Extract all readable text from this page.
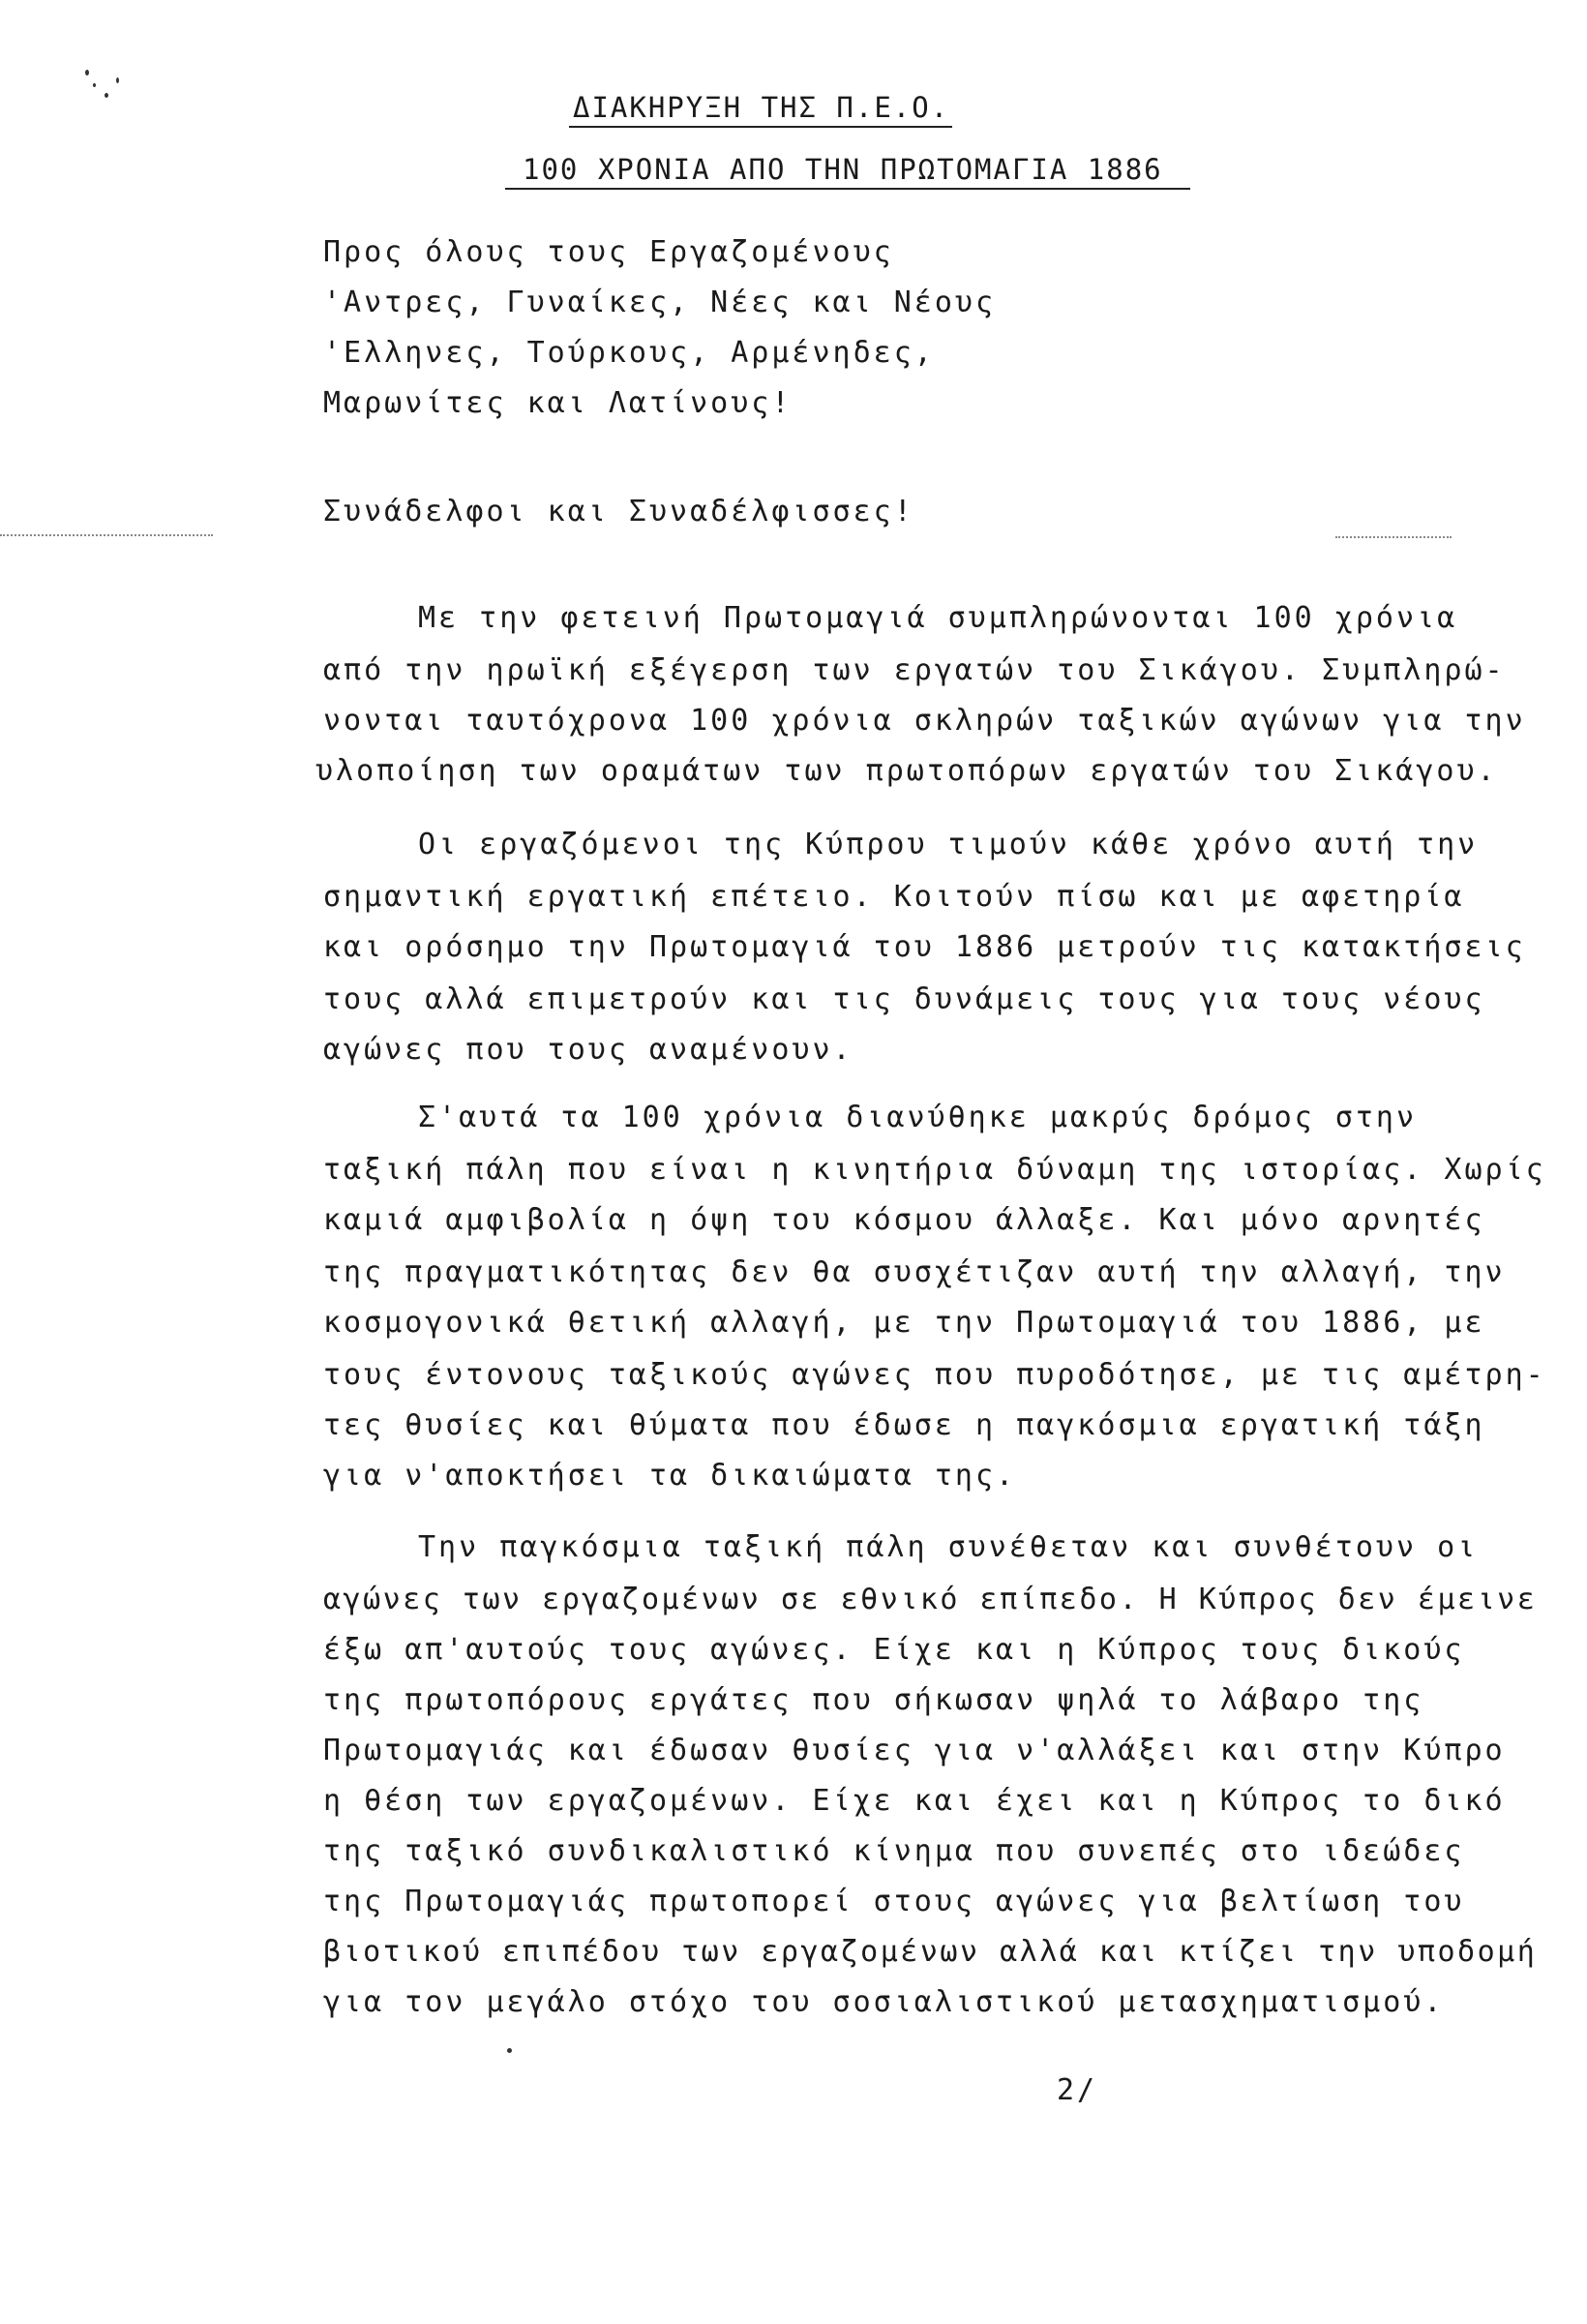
ΔΙΑΚΗΡΥΞΗ ΤΗΣ Π.Ε.Ο.
100 ΧΡΟΝΙΑ ΑΠΟ ΤΗΝ ΠΡΩΤΟΜΑΓΙΑ 1886
Προς όλους τους Εργαζομένους
'Αντρες, Γυναίκες, Νέες και Νέους
'Ελληνες, Τούρκους, Αρμένηδες,
Μαρωνίτες και Λατίνους!
Συνάδελφοι και Συναδέλφισσες!
Με την φετεινή Πρωτομαγιά συμπληρώνονται 100 χρόνια
από την ηρωϊκή εξέγερση των εργατών του Σικάγου. Συμπληρώ-
νονται ταυτόχρονα 100 χρόνια σκληρών ταξικών αγώνων για την
υλοποίηση των οραμάτων των πρωτοπόρων εργατών του Σικάγου.
Οι εργαζόμενοι της Κύπρου τιμούν κάθε χρόνο αυτή την
σημαντική εργατική επέτειο. Κοιτούν πίσω και με αφετηρία
και ορόσημο την Πρωτομαγιά του 1886 μετρούν τις κατακτήσεις
τους αλλά επιμετρούν και τις δυνάμεις τους για τους νέους
αγώνες που τους αναμένουν.
Σ'αυτά τα 100 χρόνια διανύθηκε μακρύς δρόμος στην
ταξική πάλη που είναι η κινητήρια δύναμη της ιστορίας. Χωρίς
καμιά αμφιβολία η όψη του κόσμου άλλαξε. Και μόνο αρνητές
της πραγματικότητας δεν θα συσχέτιζαν αυτή την αλλαγή, την
κοσμογονικά θετική αλλαγή, με την Πρωτομαγιά του 1886, με
τους έντονους ταξικούς αγώνες που πυροδότησε, με τις αμέτρη-
τες θυσίες και θύματα που έδωσε η παγκόσμια εργατική τάξη
για ν'αποκτήσει τα δικαιώματα της.
Την παγκόσμια ταξική πάλη συνέθεταν και συνθέτουν οι
αγώνες των εργαζομένων σε εθνικό επίπεδο. Η Κύπρος δεν έμεινε
έξω απ'αυτούς τους αγώνες. Είχε και η Κύπρος τους δικούς
της πρωτοπόρους εργάτες που σήκωσαν ψηλά το λάβαρο της
Πρωτομαγιάς και έδωσαν θυσίες για ν'αλλάξει και στην Κύπρο
η θέση των εργαζομένων. Είχε και έχει και η Κύπρος το δικό
της ταξικό συνδικαλιστικό κίνημα που συνεπές στο ιδεώδες
της Πρωτομαγιάς πρωτοπορεί στους αγώνες για βελτίωση του
βιοτικού επιπέδου των εργαζομένων αλλά και κτίζει την υποδομή
για τον μεγάλο στόχο του σοσιαλιστικού μετασχηματισμού.
2/
